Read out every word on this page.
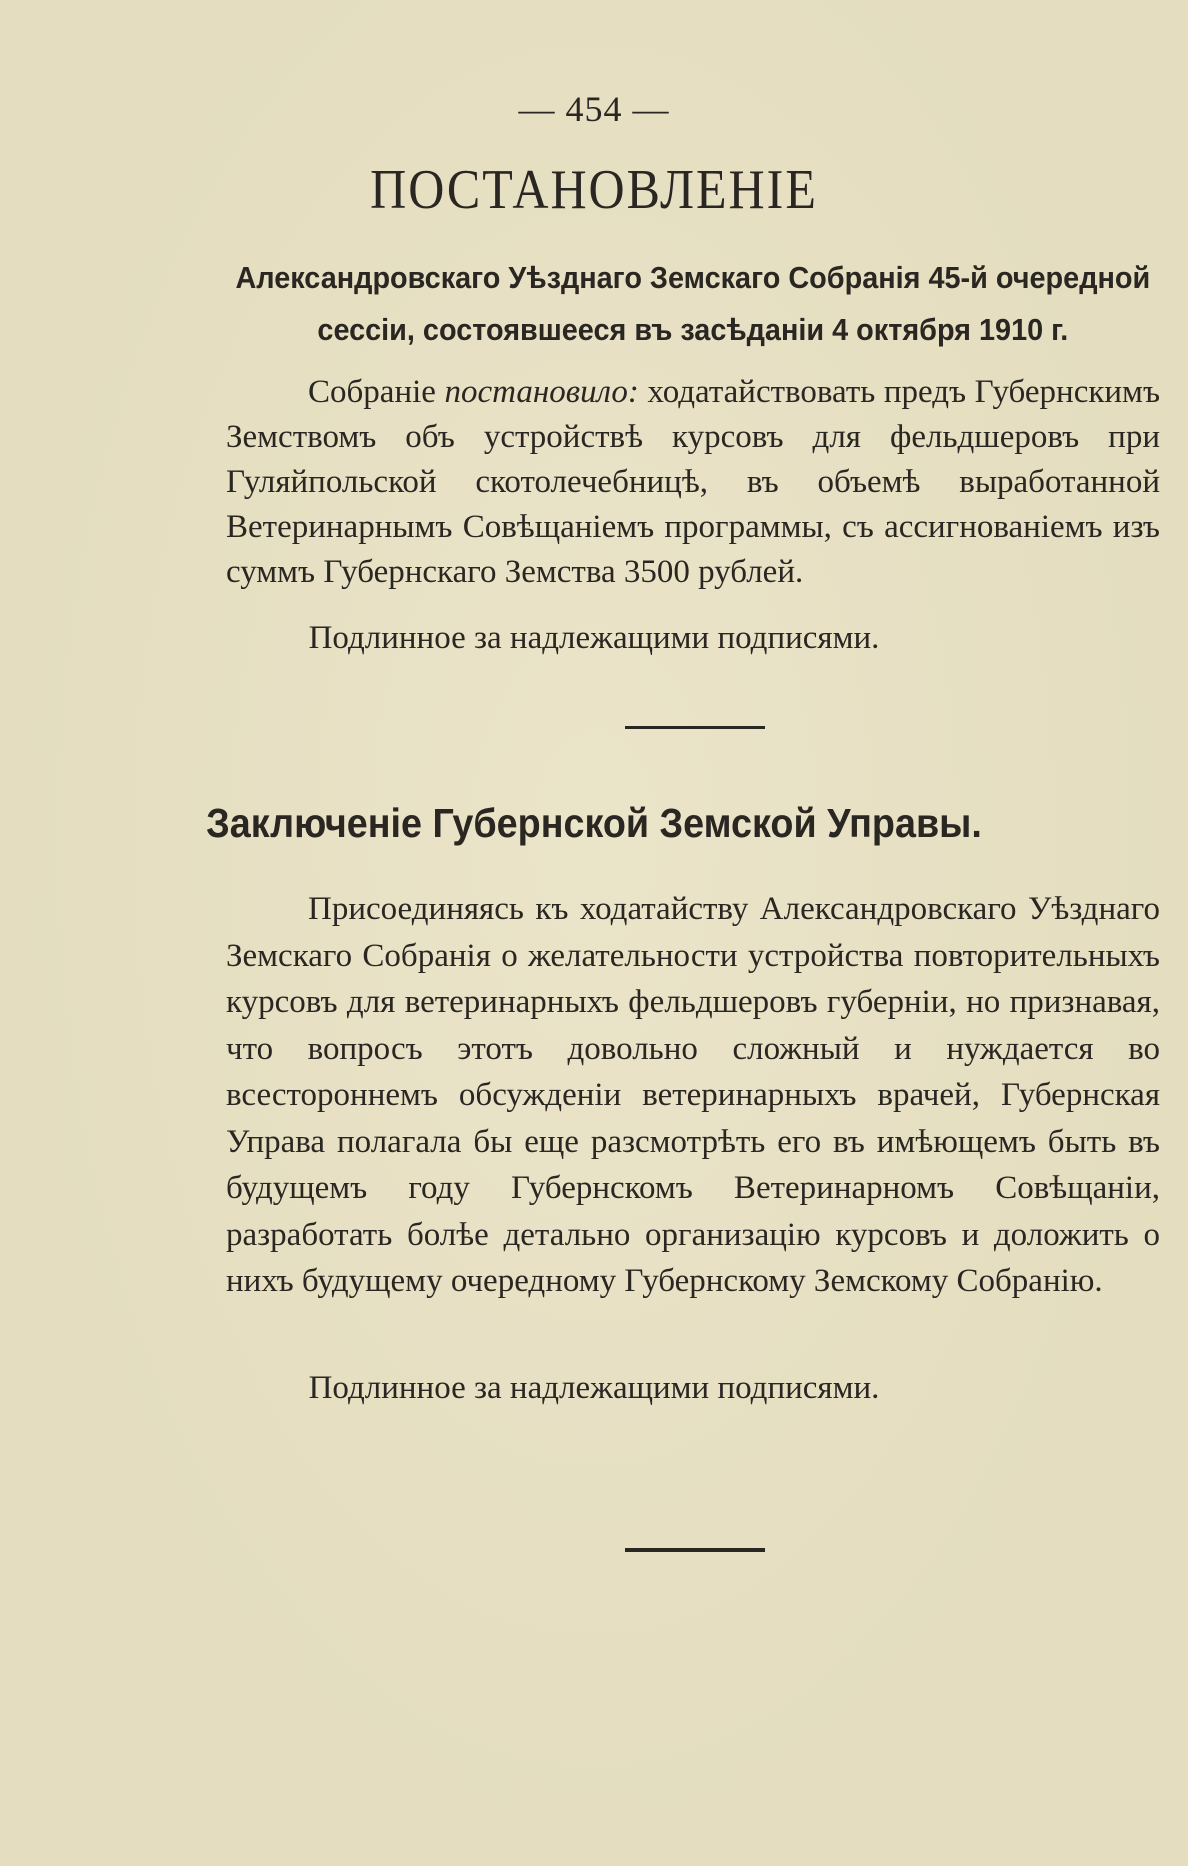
— 454 —
ПОСТАНОВЛЕНІЕ
Александровскаго Уѣзднаго Земскаго Собранія 45-й очередной сессіи, состоявшееся въ засѣданіи 4 октября 1910 г.
Собраніе постановило: ходатайствовать предъ Губернскимъ Земствомъ объ устройствѣ курсовъ для фельдшеровъ при Гуляйпольской скотолечебницѣ, въ объемѣ выработанной Ветеринарнымъ Совѣщаніемъ программы, съ ассигнованіемъ изъ суммъ Губернскаго Земства 3500 рублей.
Подлинное за надлежащими подписями.
Заключеніе Губернской Земской Управы.
Присоединяясь къ ходатайству Александровскаго Уѣзднаго Земскаго Собранія о желательности устройства повторительныхъ курсовъ для ветеринарныхъ фельдшеровъ губерніи, но признавая, что вопросъ этотъ довольно сложный и нуждается во всестороннемъ обсужденіи ветеринарныхъ врачей, Губернская Управа полагала бы еще разсмотрѣть его въ имѣющемъ быть въ будущемъ году Губернскомъ Ветеринарномъ Совѣщаніи, разработать болѣе детально организацію курсовъ и доложить о нихъ будущему очередному Губернскому Земскому Собранію.
Подлинное за надлежащими подписями.
